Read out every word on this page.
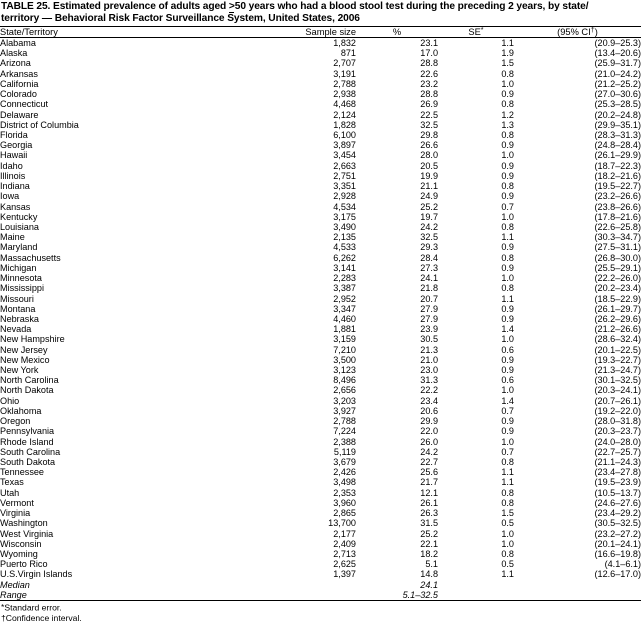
TABLE 25. Estimated prevalence of adults aged >50 years who had a blood stool test during the preceding 2 years, by state/
territory — Behavioral Risk Factor Surveillance System, United States, 2006
State/Territory	Sample size	%	SE*	(95% CI†)
Alabama	1,832	23.1	1.1	(20.9–25.3)
Alaska	871	17.0	1.9	(13.4–20.6)
Arizona	2,707	28.8	1.5	(25.9–31.7)
Arkansas	3,191	22.6	0.8	(21.0–24.2)
California	2,788	23.2	1.0	(21.2–25.2)
Colorado	2,938	28.8	0.9	(27.0–30.6)
Connecticut	4,468	26.9	0.8	(25.3–28.5)
Delaware	2,124	22.5	1.2	(20.2–24.8)
District of Columbia	1,828	32.5	1.3	(29.9–35.1)
Florida	6,100	29.8	0.8	(28.3–31.3)
Georgia	3,897	26.6	0.9	(24.8–28.4)
Hawaii	3,454	28.0	1.0	(26.1–29.9)
Idaho	2,663	20.5	0.9	(18.7–22.3)
Illinois	2,751	19.9	0.9	(18.2–21.6)
Indiana	3,351	21.1	0.8	(19.5–22.7)
Iowa	2,928	24.9	0.9	(23.2–26.6)
Kansas	4,534	25.2	0.7	(23.8–26.6)
Kentucky	3,175	19.7	1.0	(17.8–21.6)
Louisiana	3,490	24.2	0.8	(22.6–25.8)
Maine	2,135	32.5	1.1	(30.3–34.7)
Maryland	4,533	29.3	0.9	(27.5–31.1)
Massachusetts	6,262	28.4	0.8	(26.8–30.0)
Michigan	3,141	27.3	0.9	(25.5–29.1)
Minnesota	2,283	24.1	1.0	(22.2–26.0)
Mississippi	3,387	21.8	0.8	(20.2–23.4)
Missouri	2,952	20.7	1.1	(18.5–22.9)
Montana	3,347	27.9	0.9	(26.1–29.7)
Nebraska	4,460	27.9	0.9	(26.2–29.6)
Nevada	1,881	23.9	1.4	(21.2–26.6)
New Hampshire	3,159	30.5	1.0	(28.6–32.4)
New Jersey	7,210	21.3	0.6	(20.1–22.5)
New Mexico	3,500	21.0	0.9	(19.3–22.7)
New York	3,123	23.0	0.9	(21.3–24.7)
North Carolina	8,496	31.3	0.6	(30.1–32.5)
North Dakota	2,656	22.2	1.0	(20.3–24.1)
Ohio	3,203	23.4	1.4	(20.7–26.1)
Oklahoma	3,927	20.6	0.7	(19.2–22.0)
Oregon	2,788	29.9	0.9	(28.0–31.8)
Pennsylvania	7,224	22.0	0.9	(20.3–23.7)
Rhode Island	2,388	26.0	1.0	(24.0–28.0)
South Carolina	5,119	24.2	0.7	(22.7–25.7)
South Dakota	3,679	22.7	0.8	(21.1–24.3)
Tennessee	2,426	25.6	1.1	(23.4–27.8)
Texas	3,498	21.7	1.1	(19.5–23.9)
Utah	2,353	12.1	0.8	(10.5–13.7)
Vermont	3,960	26.1	0.8	(24.6–27.6)
Virginia	2,865	26.3	1.5	(23.4–29.2)
Washington	13,700	31.5	0.5	(30.5–32.5)
West Virginia	2,177	25.2	1.0	(23.2–27.2)
Wisconsin	2,409	22.1	1.0	(20.1–24.1)
Wyoming	2,713	18.2	0.8	(16.6–19.8)
Puerto Rico	2,625	5.1	0.5	(4.1–6.1)
U.S.Virgin Islands	1,397	14.8	1.1	(12.6–17.0)
Median		24.1		
Range		5.1–32.5		
*Standard error.
†Confidence interval.
